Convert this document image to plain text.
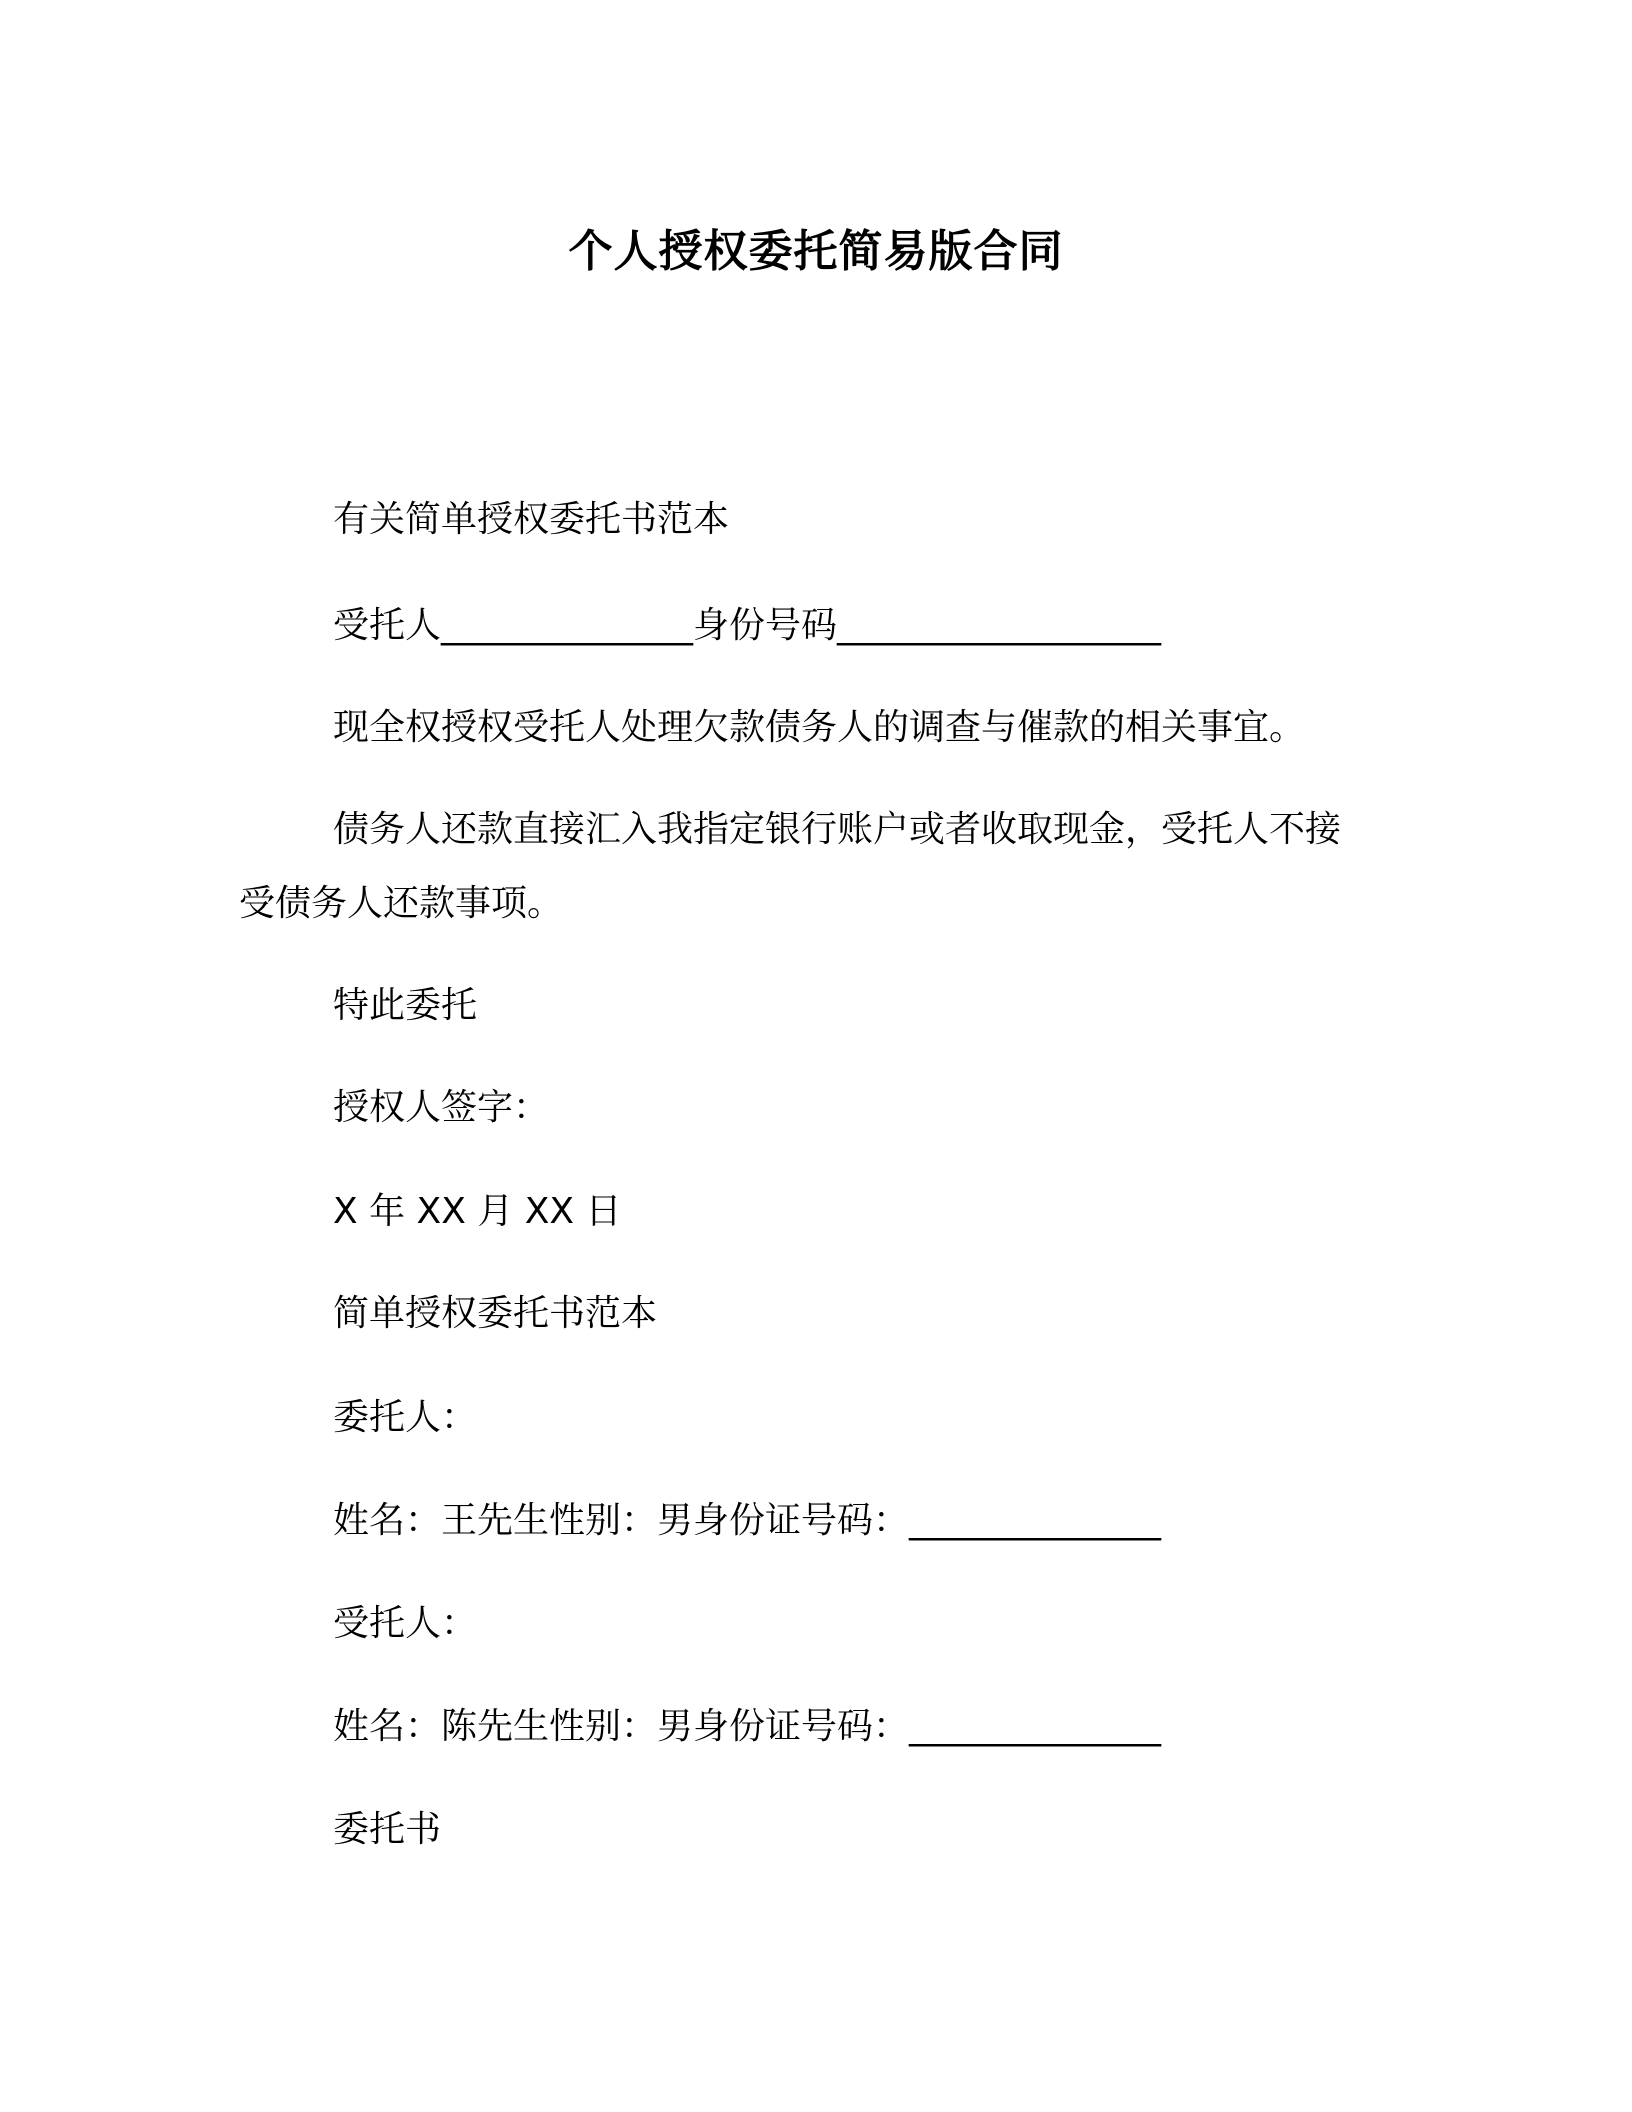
个人授权委托简易版合同
有关简单授权委托书范本
受托人______________身份号码__________________
现全权授权受托人处理欠款债务人的调查与催款的相关事宜。
债务人还款直接汇入我指定银行账户或者收取现金，受托人不接
受债务人还款事项。
特此委托
授权人签字：
X 年 XX 月 XX 日
简单授权委托书范本
委托人：
姓名：王先生性别：男身份证号码：______________
受托人：
姓名：陈先生性别：男身份证号码：______________
委托书
